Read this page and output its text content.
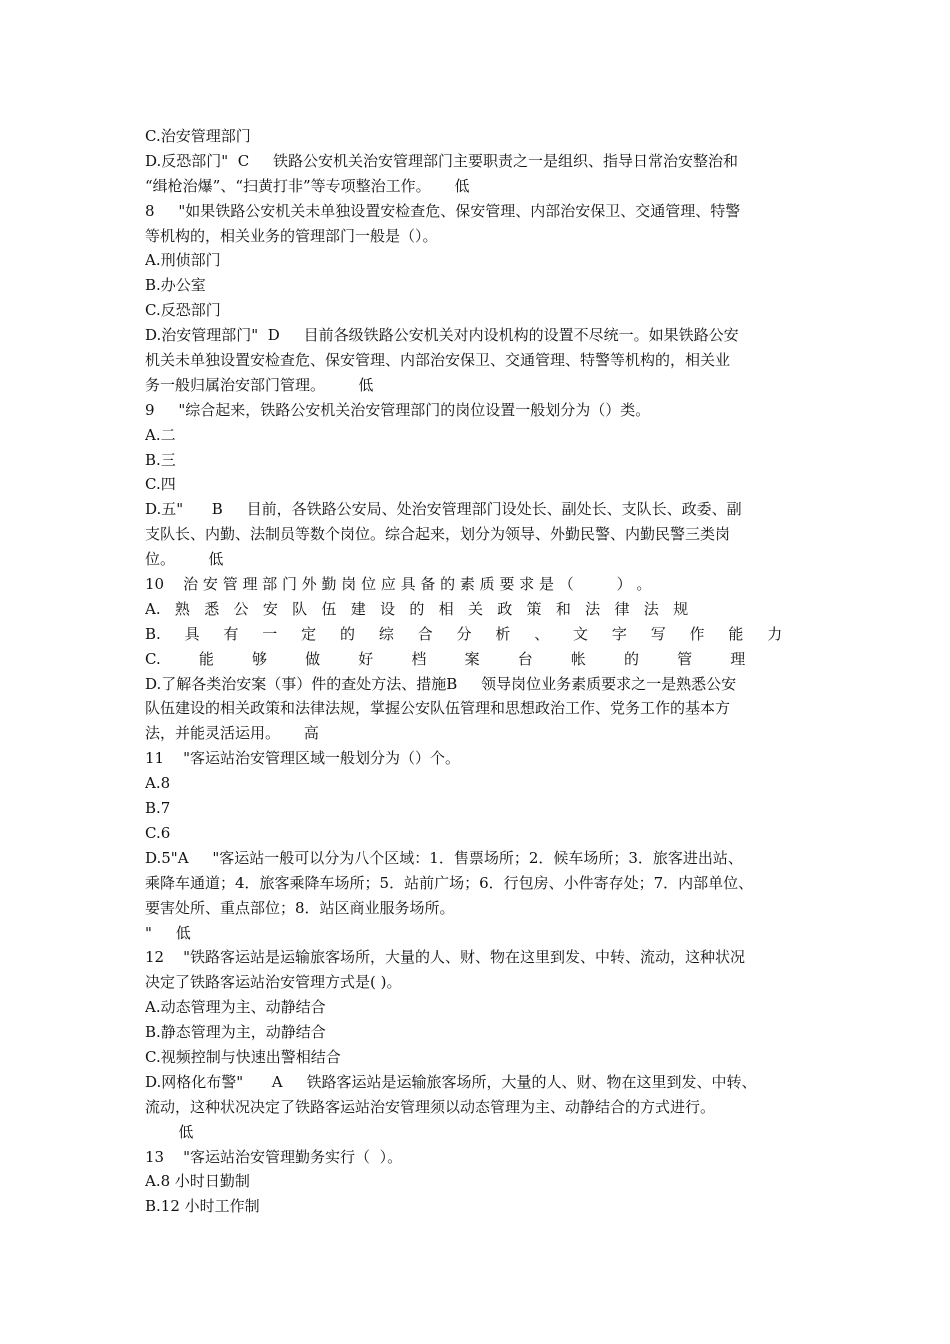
C.治安管理部门
D.反恐部门"  C     铁路公安机关治安管理部门主要职责之一是组织、指导日常治安整治和
“缉枪治爆”、“扫黄打非”等专项整治工作。     低
8     "如果铁路公安机关未单独设置安检查危、保安管理、内部治安保卫、交通管理、特警
等机构的，相关业务的管理部门一般是（）。
A.刑侦部门
B.办公室
C.反恐部门
D.治安管理部门"  D     目前各级铁路公安机关对内设机构的设置不尽统一。如果铁路公安
机关未单独设置安检查危、保安管理、内部治安保卫、交通管理、特警等机构的，相关业
务一般归属治安部门管理。       低
9     "综合起来，铁路公安机关治安管理部门的岗位设置一般划分为（）类。
A.二
B.三
C.四
D.五"      B     目前，各铁路公安局、处治安管理部门设处长、副处长、支队长、政委、副
支队长、内勤、法制员等数个岗位。综合起来，划分为领导、外勤民警、内勤民警三类岗
位。       低
10    治 安 管 理 部 门 外 勤 岗 位 应 具 备 的 素 质 要 求 是 （         ） 。
A.   熟   悉   公   安   队   伍   建   设   的   相   关   政   策   和   法   律   法   规
B.     具     有     一     定     的     综     合     分     析     、     文     字     写     作     能     力
C.        能        够        做        好        档        案        台        帐        的        管        理
D.了解各类治安案（事）件的查处方法、措施B     领导岗位业务素质要求之一是熟悉公安
队伍建设的相关政策和法律法规，掌握公安队伍管理和思想政治工作、党务工作的基本方
法，并能灵活运用。     高
11    "客运站治安管理区域一般划分为（）个。
A.8
B.7
C.6
D.5"A     "客运站一般可以分为八个区域：1．售票场所；2．候车场所；3．旅客进出站、
乘降车通道；4．旅客乘降车场所；5．站前广场；6．行包房、小件寄存处；7．内部单位、
要害处所、重点部位；8．站区商业服务场所。
"     低
12    "铁路客运站是运输旅客场所，大量的人、财、物在这里到发、中转、流动，这种状况
决定了铁路客运站治安管理方式是( )。
A.动态管理为主、动静结合
B.静态管理为主，动静结合
C.视频控制与快速出警相结合
D.网格化布警"      A     铁路客运站是运输旅客场所，大量的人、财、物在这里到发、中转、
流动，这种状况决定了铁路客运站治安管理须以动态管理为主、动静结合的方式进行。
低
13    "客运站治安管理勤务实行（  ）。
A.8 小时日勤制
B.12 小时工作制
